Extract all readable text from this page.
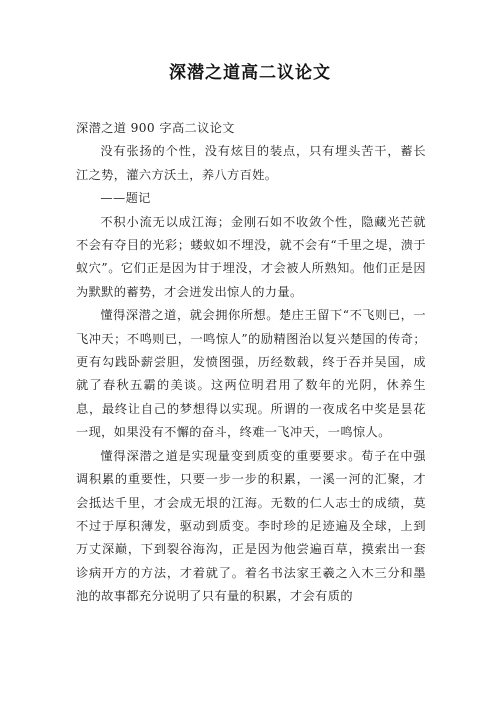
深潜之道高二议论文

深潜之道 900 字高二议论文

没有张扬的个性，没有炫目的装点，只有埋头苦干，蓄长江之势，灌六方沃土，养八方百姓。

——题记

不积小流无以成江海；金刚石如不收敛个性，隐藏光芒就不会有夺目的光彩；蝼蚁如不埋没，就不会有“千里之堤，溃于蚁穴”。它们正是因为甘于埋没，才会被人所熟知。他们正是因为默默的蓄势，才会迸发出惊人的力量。

懂得深潜之道，就会拥你所想。楚庄王留下“不飞则已，一飞冲天；不鸣则已，一鸣惊人”的励精图治以复兴楚国的传奇；更有勾践卧薪尝胆，发愤图强，历经数载，终于吞并吴国，成就了春秋五霸的美谈。这两位明君用了数年的光阴，休养生息，最终让自己的梦想得以实现。所谓的一夜成名中奖是昙花一现，如果没有不懈的奋斗，终难一飞冲天，一鸣惊人。

懂得深潜之道是实现量变到质变的重要要求。荀子在中强调积累的重要性，只要一步一步的积累，一溪一河的汇聚，才会抵达千里，才会成无垠的江海。无数的仁人志士的成绩，莫不过于厚积薄发，驱动到质变。李时珍的足迹遍及全球，上到万丈深巅，下到裂谷海沟，正是因为他尝遍百草，摸索出一套诊病开方的方法，才着就了。着名书法家王羲之入木三分和墨池的故事都充分说明了只有量的积累，才会有质的
